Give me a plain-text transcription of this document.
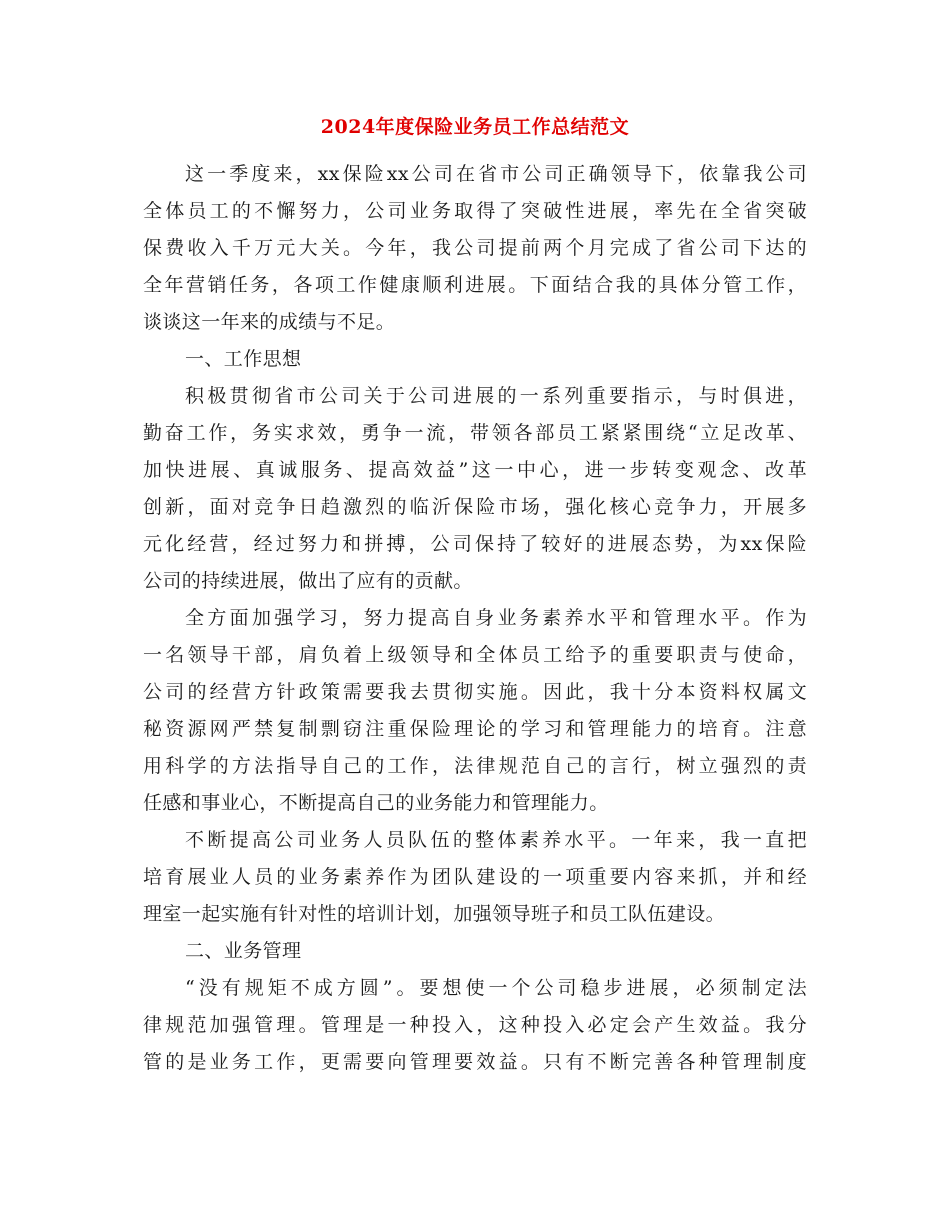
2024年度保险业务员工作总结范文
这一季度来，xx保险xx公司在省市公司正确领导下，依靠我公司
全体员工的不懈努力，公司业务取得了突破性进展，率先在全省突破
保费收入千万元大关。今年，我公司提前两个月完成了省公司下达的
全年营销任务，各项工作健康顺利进展。下面结合我的具体分管工作，
谈谈这一年来的成绩与不足。
一、工作思想
积极贯彻省市公司关于公司进展的一系列重要指示，与时俱进，
勤奋工作，务实求效，勇争一流，带领各部员工紧紧围绕“立足改革、
加快进展、真诚服务、提高效益”这一中心，进一步转变观念、改革
创新，面对竞争日趋激烈的临沂保险市场，强化核心竞争力，开展多
元化经营，经过努力和拼搏，公司保持了较好的进展态势，为xx保险
公司的持续进展，做出了应有的贡献。
全方面加强学习，努力提高自身业务素养水平和管理水平。作为
一名领导干部，肩负着上级领导和全体员工给予的重要职责与使命，
公司的经营方针政策需要我去贯彻实施。因此，我十分本资料权属文
秘资源网严禁复制剽窃注重保险理论的学习和管理能力的培育。注意
用科学的方法指导自己的工作，法律规范自己的言行，树立强烈的责
任感和事业心，不断提高自己的业务能力和管理能力。
不断提高公司业务人员队伍的整体素养水平。一年来，我一直把
培育展业人员的业务素养作为团队建设的一项重要内容来抓，并和经
理室一起实施有针对性的培训计划，加强领导班子和员工队伍建设。
二、业务管理
“没有规矩不成方圆”。要想使一个公司稳步进展，必须制定法
律规范加强管理。管理是一种投入，这种投入必定会产生效益。我分
管的是业务工作，更需要向管理要效益。只有不断完善各种管理制度
